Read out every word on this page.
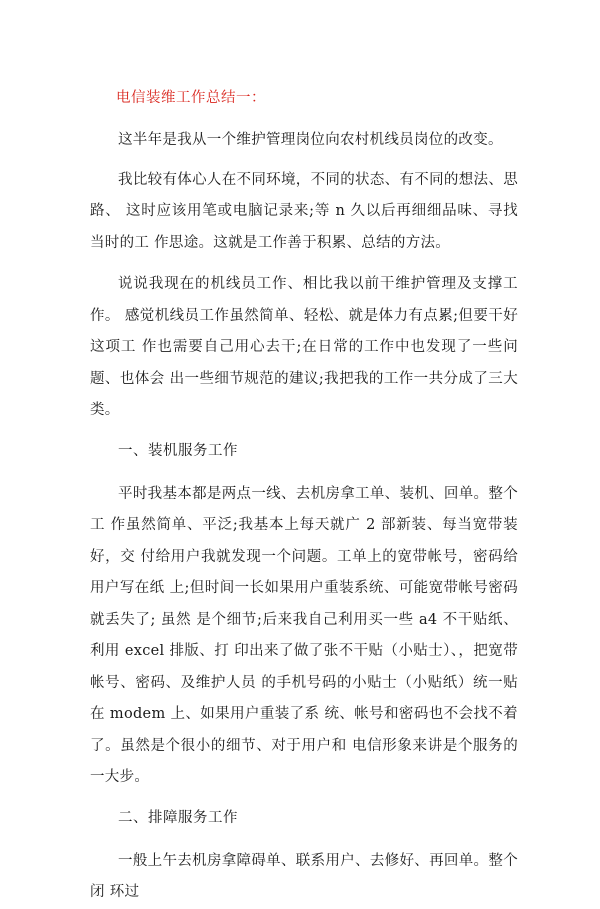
电信装维工作总结一：

这半年是我从一个维护管理岗位向农村机线员岗位的改变。

我比较有体心人在不同环境，不同的状态、有不同的想法、思路、 这时应该用笔或电脑记录来;等 n 久以后再细细品味、寻找当时的工 作思途。这就是工作善于积累、总结的方法。

说说我现在的机线员工作、相比我以前干维护管理及支撑工作。 感觉机线员工作虽然简单、轻松、就是体力有点累;但要干好这项工 作也需要自己用心去干;在日常的工作中也发现了一些问题、也体会 出一些细节规范的建议;我把我的工作一共分成了三大类。

一、装机服务工作

平时我基本都是两点一线、去机房拿工单、装机、回单。整个工 作虽然简单、平泛;我基本上每天就广 2 部新装、每当宽带装好，交 付给用户我就发现一个问题。工单上的宽带帐号，密码给用户写在纸 上;但时间一长如果用户重装系统、可能宽带帐号密码就丢失了; 虽然 是个细节;后来我自己利用买一些 a4 不干贴纸、利用 excel 排版、打 印出来了做了张不干贴（小贴士）、，把宽带帐号、密码、及维护人员 的手机号码的小贴士（小贴纸）统一贴在 modem 上、如果用户重装了系 统、帐号和密码也不会找不着了。虽然是个很小的细节、对于用户和 电信形象来讲是个服务的一大步。

二、排障服务工作

一般上午去机房拿障碍单、联系用户、去修好、再回单。整个闭 环过
